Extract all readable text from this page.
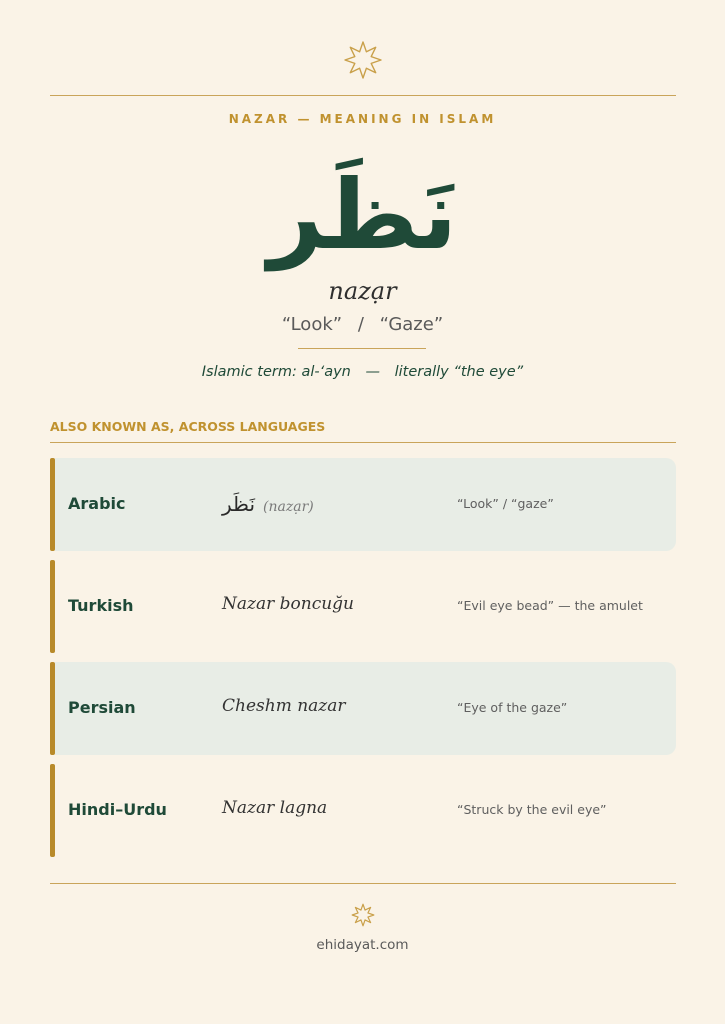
NAZAR — MEANING IN ISLAM
نَظَر
nazạr
“Look” / “Gaze”
Islamic term: al-‘ayn — literally “the eye”
ALSO KNOWN AS, ACROSS LANGUAGES
Arabic	نَظَر (nazạr)	“Look” / “gaze”
Turkish	Nazar boncuğu	“Evil eye bead” — the amulet
Persian	Cheshm nazar	“Eye of the gaze”
Hindi–Urdu	Nazar lagna	“Struck by the evil eye”
ehidayat.com
